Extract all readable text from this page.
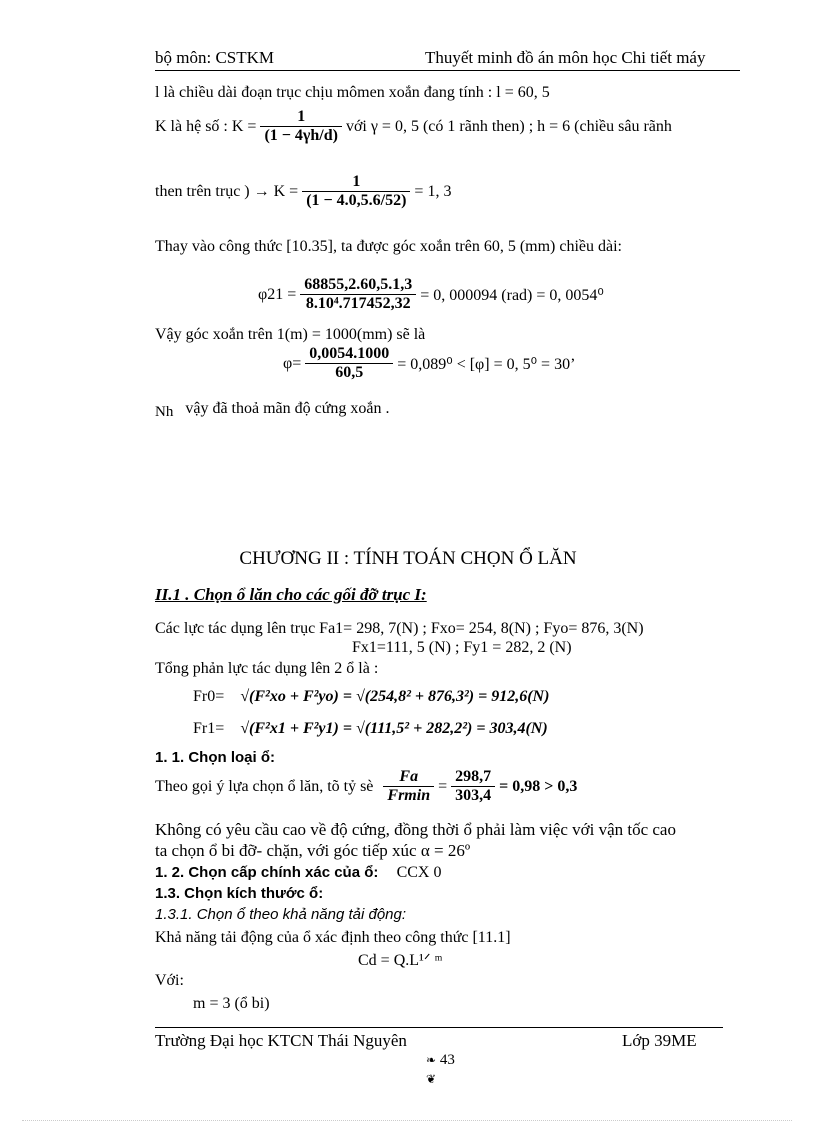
bộ môn: CSTKM	Thuyết minh đồ án môn học Chi tiết máy
l là chiều dài đoạn trục chịu mômen xoắn đang tính : l = 60, 5
K là hệ số : $K = \frac{1}{(1 - 4\gamma h/d)}$ với γ = 0, 5 (có 1 rãnh then) ; h = 6 (chiều sâu rãnh
then trên trục ) → $K = \frac{1}{(1 - 4.0,5.6/52)} = 1$, 3
Thay vào công thức [10.35], ta được góc xoắn trên 60, 5 (mm) chiều dài:
$\varphi 21 = \frac{68855,2.60,5.1,3}{\text{8.10⁴.717452,32}} = 0$, 000094 (rad) = 0, 0054⁰
Vậy góc xoắn trên 1(m) = 1000(mm) sẽ là
$\varphi= \frac{0,0054.1000}{60,5} = 0,089^0 < [\varphi] = 0$, 5⁰ = 30’
Nh vậy đã thoả mãn độ cứng xoắn .
CHƯƠNG II : TÍNH TOÁN CHỌN Ổ LĂN
II.1 . Chọn ổ lăn cho các gối đỡ trục I:
Các lực tác dụng lên trục Fa1= 298, 7(N) ; Fxo= 254, 8(N) ; Fyo= 876, 3(N)
Fx1=111, 5 (N) ; Fy1 = 282, 2 (N)
Tổng phản lực tác dụng lên 2 ổ là :
Fr0= √(F²xo + F²yo) = √(254,8² + 876,3²) = 912,6(N)
Fr1= √(F²x1 + F²y1) = √(111,5² + 282,2²) = 303,4(N)
1. 1. Chọn loại ổ:
Theo gọi ý lựa chọn ổ lăn, tõ tỷ sè $\frac{Fa}{Frmin} = \frac{298,7}{303,4} = 0,98 > 0,3$
Không có yêu cầu cao về độ cứng, đồng thời ổ phải làm việc với vận tốc cao
ta chọn ổ bi đỡ- chặn, với góc tiếp xúc α = 26º
1. 2. Chọn cấp chính xác của ổ: CCX 0
1.3. Chọn kích thước ổ:
1.3.1. Chọn ổ theo khả năng tải động:
Khả năng tải động của ổ xác định theo công thức [11.1]
Cd = Q.L¹ᐟ ᵐ
Với:
m = 3 (ổ bi)
Trường Đại học KTCN Thái Nguyên	Lớp 39ME
❧ 43
❦
